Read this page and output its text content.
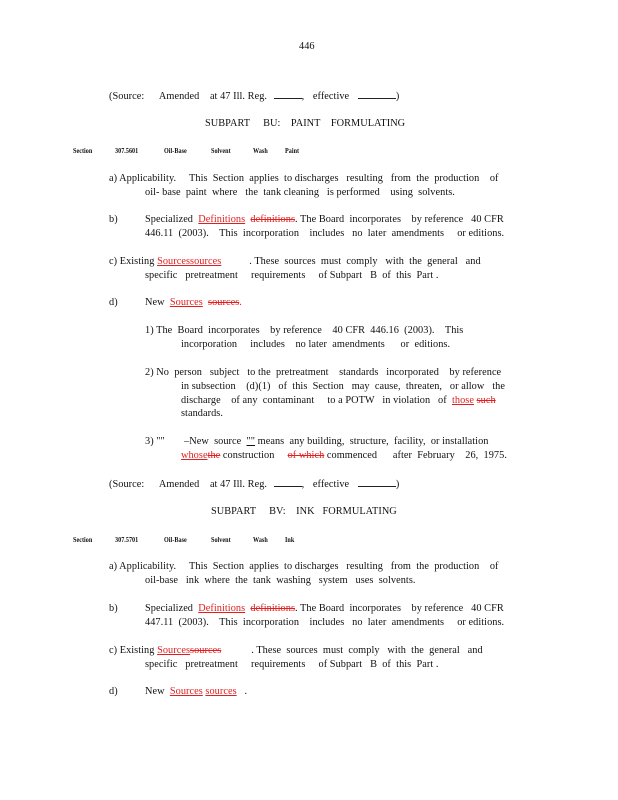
446
(Source: Amended at 47 Ill. Reg.	, effective	)
SUBPART     BU:    PAINT    FORMULATING
Section	307.5601	Oil-Base	Solvent	Wash Paint
a) Applicability.     This  Section  applies  to discharges   resulting   from  the  production    of
oil- base  paint  where   the  tank cleaning   is performed    using  solvents.
b)	Specialized Definitions definitions. The Board  incorporates    by reference   40 CFR
446.11  (2003).    This  incorporation    includes   no  later  amendments     or editions.
c) Existing Sourcessources	. These  sources  must  comply   with  the  general   and
specific   pretreatment     requirements     of Subpart   B  of  this  Part .
d)	New Sources sources.
1) The  Board  incorporates    by reference    40 CFR  446.16  (2003).    This
incorporation     includes    no later  amendments      or  editions.
2) No  person   subject   to the  pretreatment    standards   incorporated    by reference
in subsection    (d)(1)   of  this  Section   may  cause,  threaten,   or allow   the
discharge    of any  contaminant     to a POTW   in violation   of those such
standards.
3) ""  –New  source  "" means  any building,  structure,  facility,  or installation
whosethe construction of which commenced      after  February    26,  1975.
(Source: Amended at 47 Ill. Reg.	, effective	)
SUBPART     BV:    INK   FORMULATING
Section	307.5701	Oil-Base	Solvent	Wash Ink
a) Applicability.     This  Section  applies  to discharges   resulting   from  the  production    of
oil-base   ink  where  the  tank  washing   system   uses  solvents.
b)	Specialized Definitions definitions. The Board  incorporates    by reference   40 CFR
447.11  (2003).    This  incorporation    includes   no  later  amendments     or editions.
c) Existing Sourcessources	. These  sources  must  comply   with  the  general   and
specific   pretreatment     requirements     of Subpart   B  of  this  Part .
d)	New Sources sources .
